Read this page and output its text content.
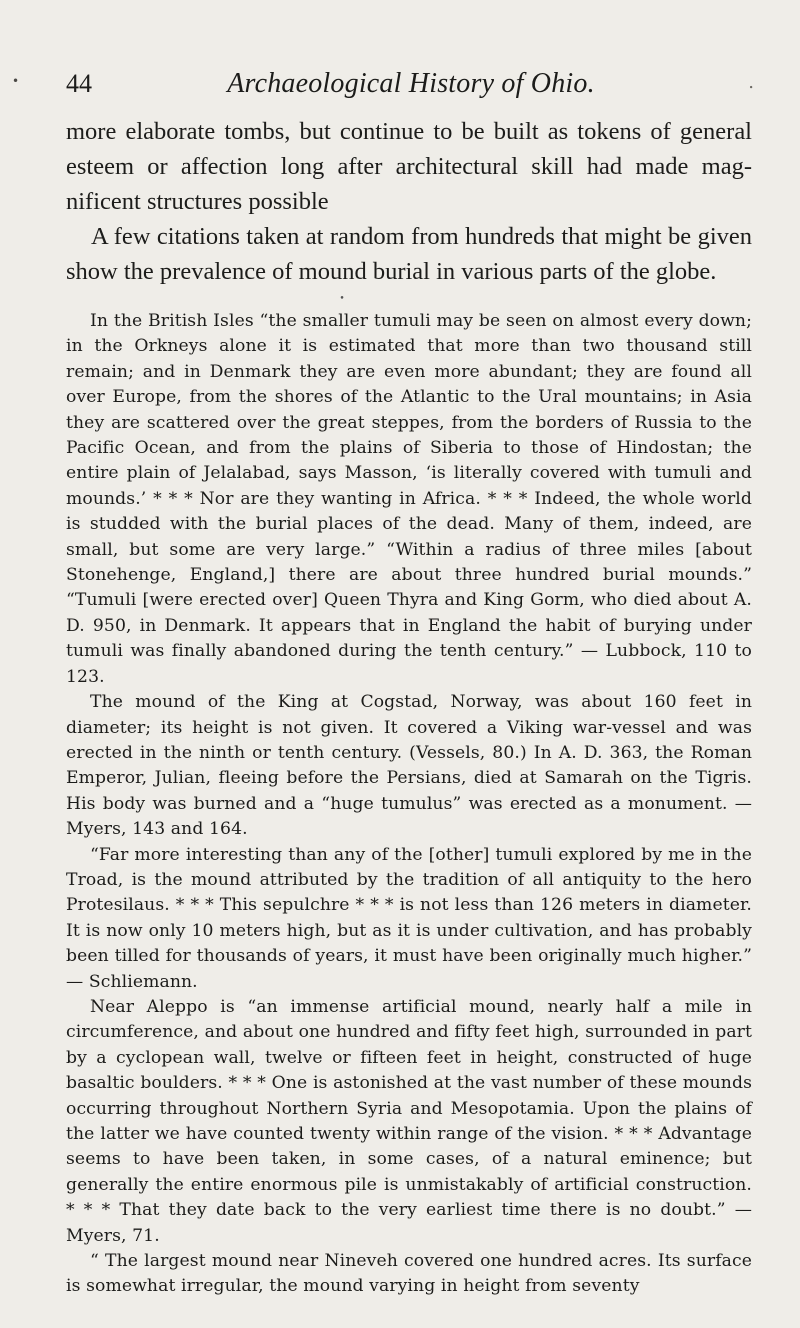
• 44	Archaeological History of Ohio.	.

more elaborate tombs, but continue to be built as tokens of general esteem or affection long after architectural skill had made magnificent structures possible

A few citations taken at random from hundreds that might be given show the prevalence of mound burial in various parts of the globe.

•

In the British Isles “the smaller tumuli may be seen on almost every down; in the Orkneys alone it is estimated that more than two thousand still remain; and in Denmark they are even more abundant; they are found all over Europe, from the shores of the Atlantic to the Ural mountains; in Asia they are scattered over the great steppes, from the borders of Russia to the Pacific Ocean, and from the plains of Siberia to those of Hindostan; the entire plain of Jelalabad, says Masson, ‘is literally covered with tumuli and mounds.’ * * * Nor are they wanting in Africa. * * * Indeed, the whole world is studded with the burial places of the dead. Many of them, indeed, are small, but some are very large.” “Within a radius of three miles [about Stonehenge, England,] there are about three hundred burial mounds.” “Tumuli [were erected over] Queen Thyra and King Gorm, who died about A. D. 950, in Denmark. It appears that in England the habit of burying under tumuli was finally abandoned during the tenth century.” — Lubbock, 110 to 123.

The mound of the King at Cogstad, Norway, was about 160 feet in diameter; its height is not given. It covered a Viking war-vessel and was erected in the ninth or tenth century. (Vessels, 80.) In A. D. 363, the Roman Emperor, Julian, fleeing before the Persians, died at Samarah on the Tigris. His body was burned and a “huge tumulus” was erected as a monument. — Myers, 143 and 164.

“Far more interesting than any of the [other] tumuli explored by me in the Troad, is the mound attributed by the tradition of all antiquity to the hero Protesilaus. * * * This sepulchre * * * is not less than 126 meters in diameter. It is now only 10 meters high, but as it is under cultivation, and has probably been tilled for thousands of years, it must have been originally much higher.” — Schliemann.

Near Aleppo is “an immense artificial mound, nearly half a mile in circumference, and about one hundred and fifty feet high, surrounded in part by a cyclopean wall, twelve or fifteen feet in height, constructed of huge basaltic boulders. * * * One is astonished at the vast number of these mounds occurring throughout Northern Syria and Mesopotamia. Upon the plains of the latter we have counted twenty within range of the vision. * * * Advantage seems to have been taken, in some cases, of a natural eminence; but generally the entire enormous pile is unmistakably of artificial construction. * * * That they date back to the very earliest time there is no doubt.” — Myers, 71.

“ The largest mound near Nineveh covered one hundred acres. Its surface is somewhat irregular, the mound varying in height from seventy
